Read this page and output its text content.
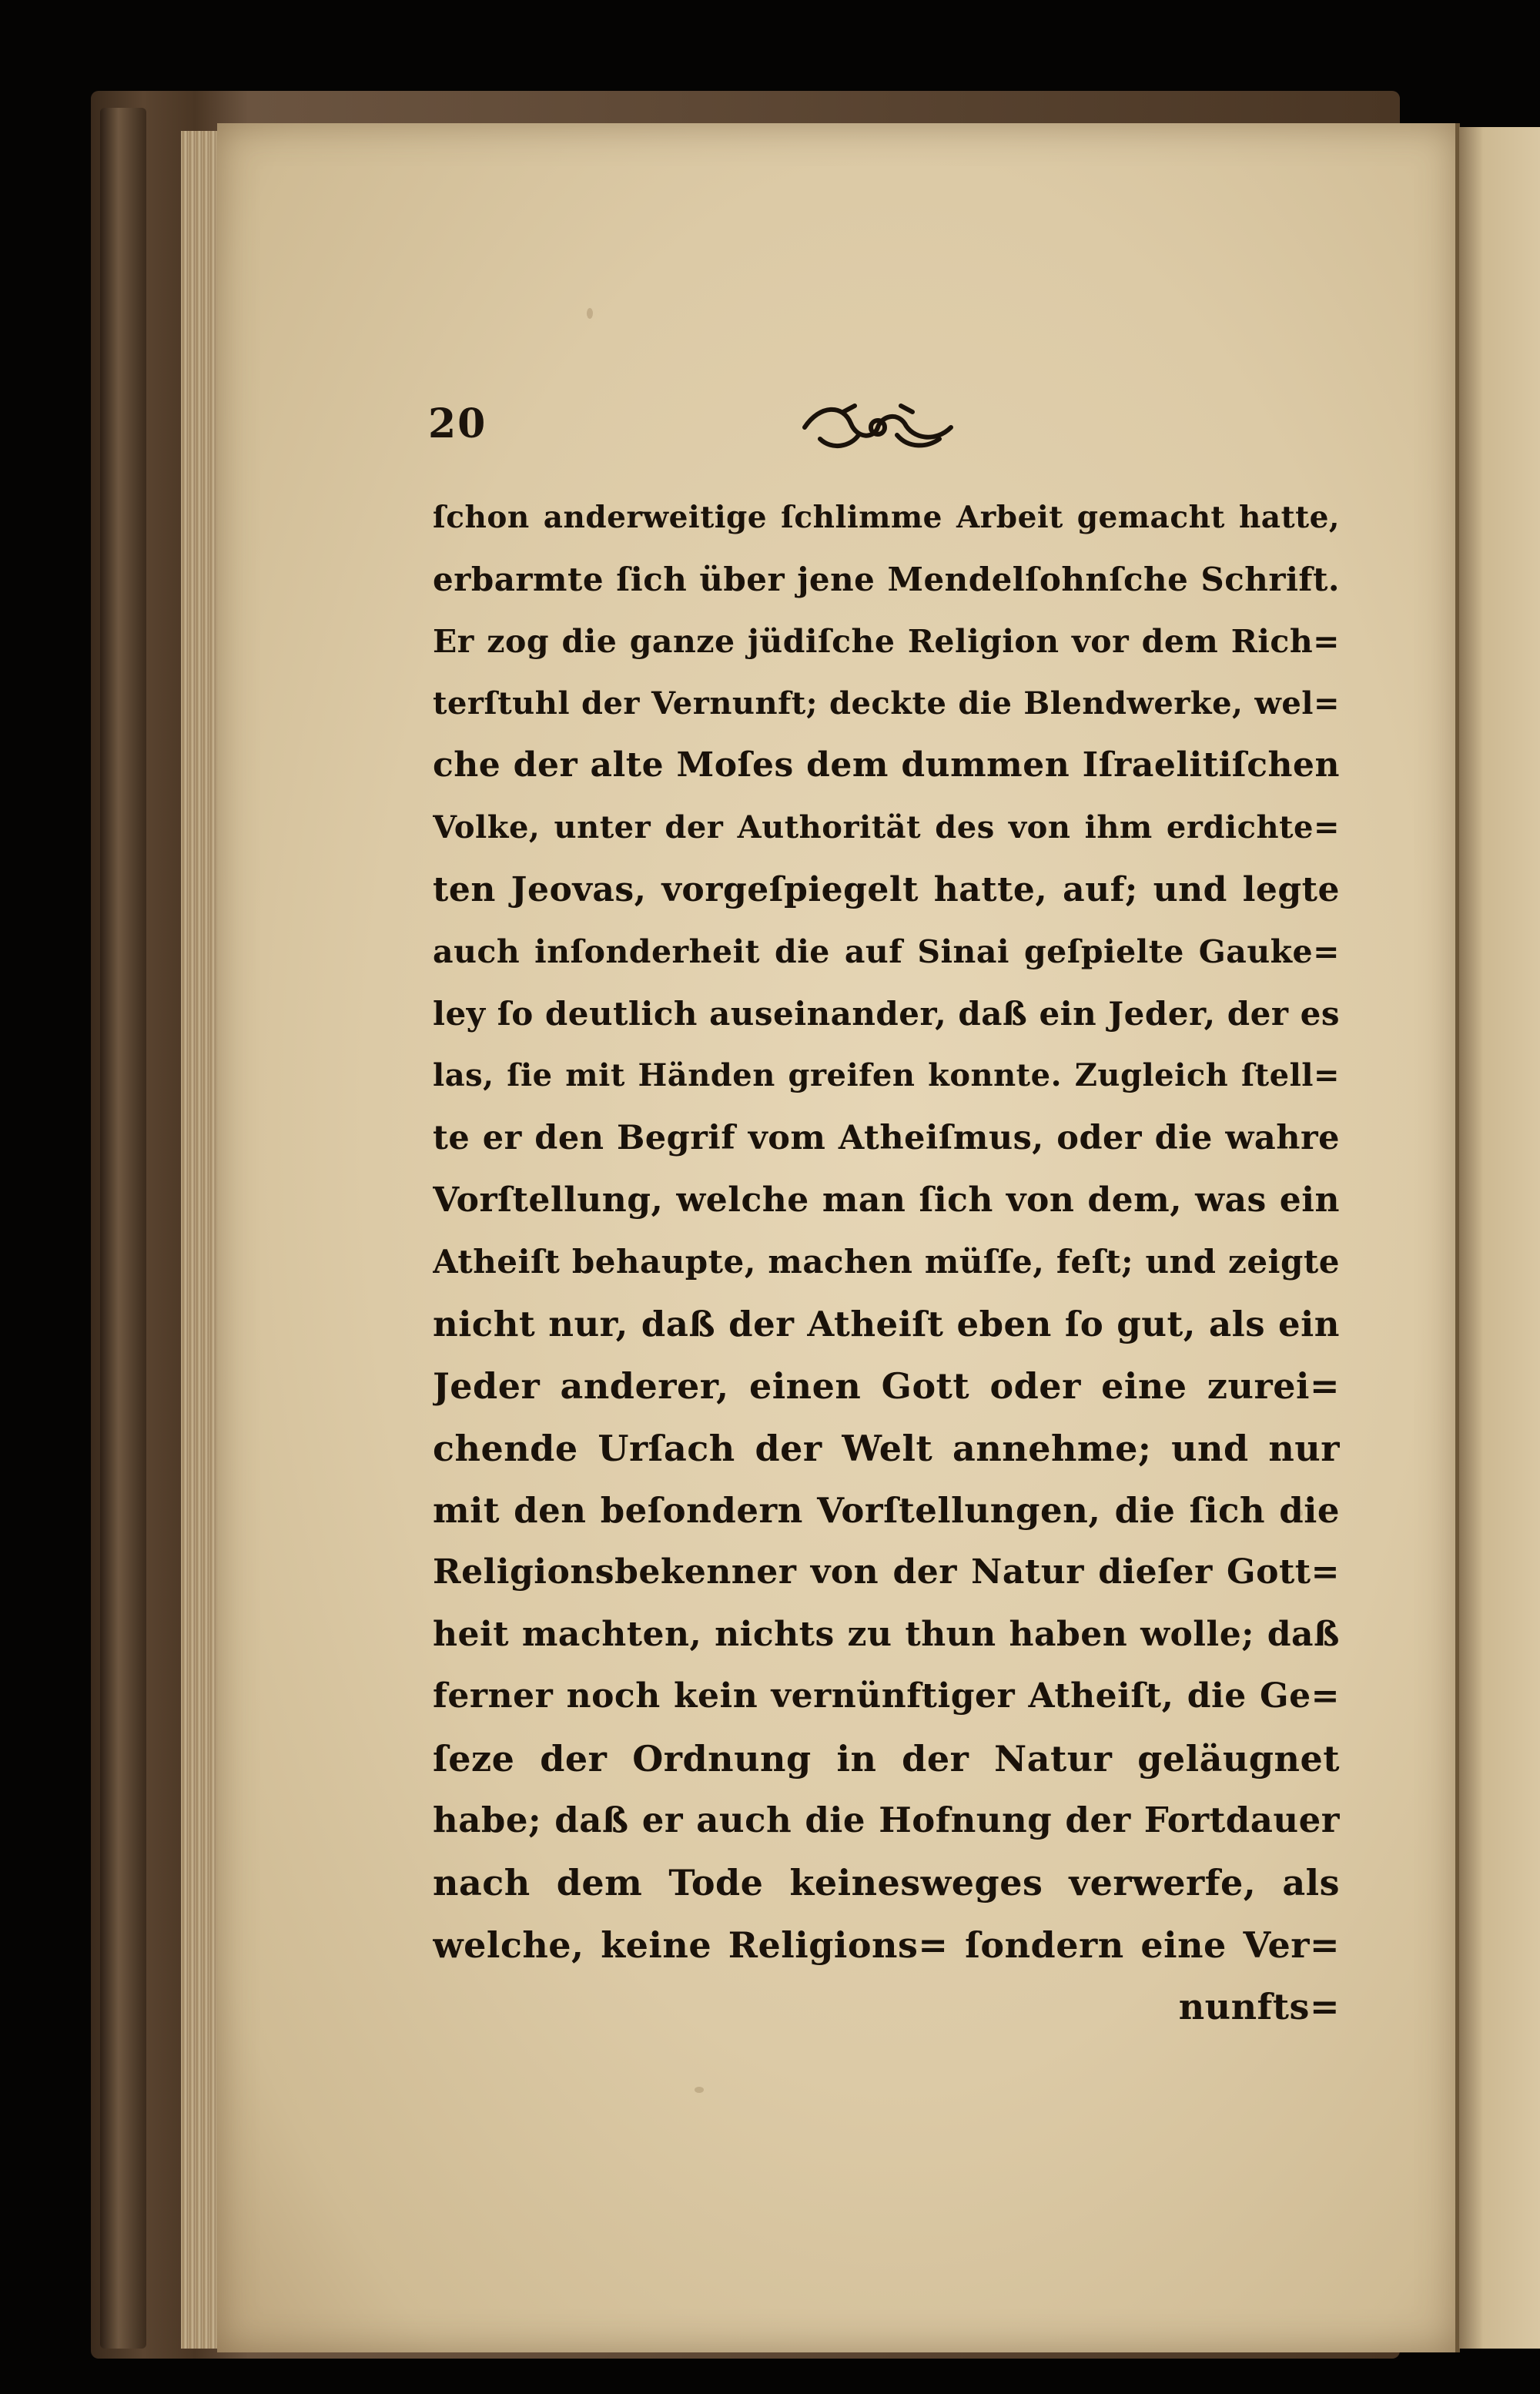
20
ſchon anderweitige ſchlimme Arbeit gemacht hatte,
erbarmte ſich über jene Mendelſohnſche Schrift.
Er zog die ganze jüdiſche Religion vor dem Rich=
terſtuhl der Vernunft; deckte die Blendwerke, wel=
che der alte Moſes dem dummen Iſraelitiſchen
Volke, unter der Authorität des von ihm erdichte=
ten Jeovas, vorgeſpiegelt hatte, auf; und legte
auch inſonderheit die auf Sinai geſpielte Gauke=
ley ſo deutlich auseinander, daß ein Jeder, der es
las, ſie mit Händen greifen konnte. Zugleich ſtell=
te er den Begrif vom Atheiſmus, oder die wahre
Vorſtellung, welche man ſich von dem, was ein
Atheiſt behaupte, machen müſſe, feſt; und zeigte
nicht nur, daß der Atheiſt eben ſo gut, als ein
Jeder anderer, einen Gott oder eine zurei=
chende Urſach der Welt annehme; und nur
mit den beſondern Vorſtellungen, die ſich die
Religionsbekenner von der Natur dieſer Gott=
heit machten, nichts zu thun haben wolle; daß
ferner noch kein vernünftiger Atheiſt, die Ge=
ſeze der Ordnung in der Natur geläugnet
habe; daß er auch die Hofnung der Fortdauer
nach dem Tode keinesweges verwerfe, als
welche, keine Religions= ſondern eine Ver=
nunfts=
